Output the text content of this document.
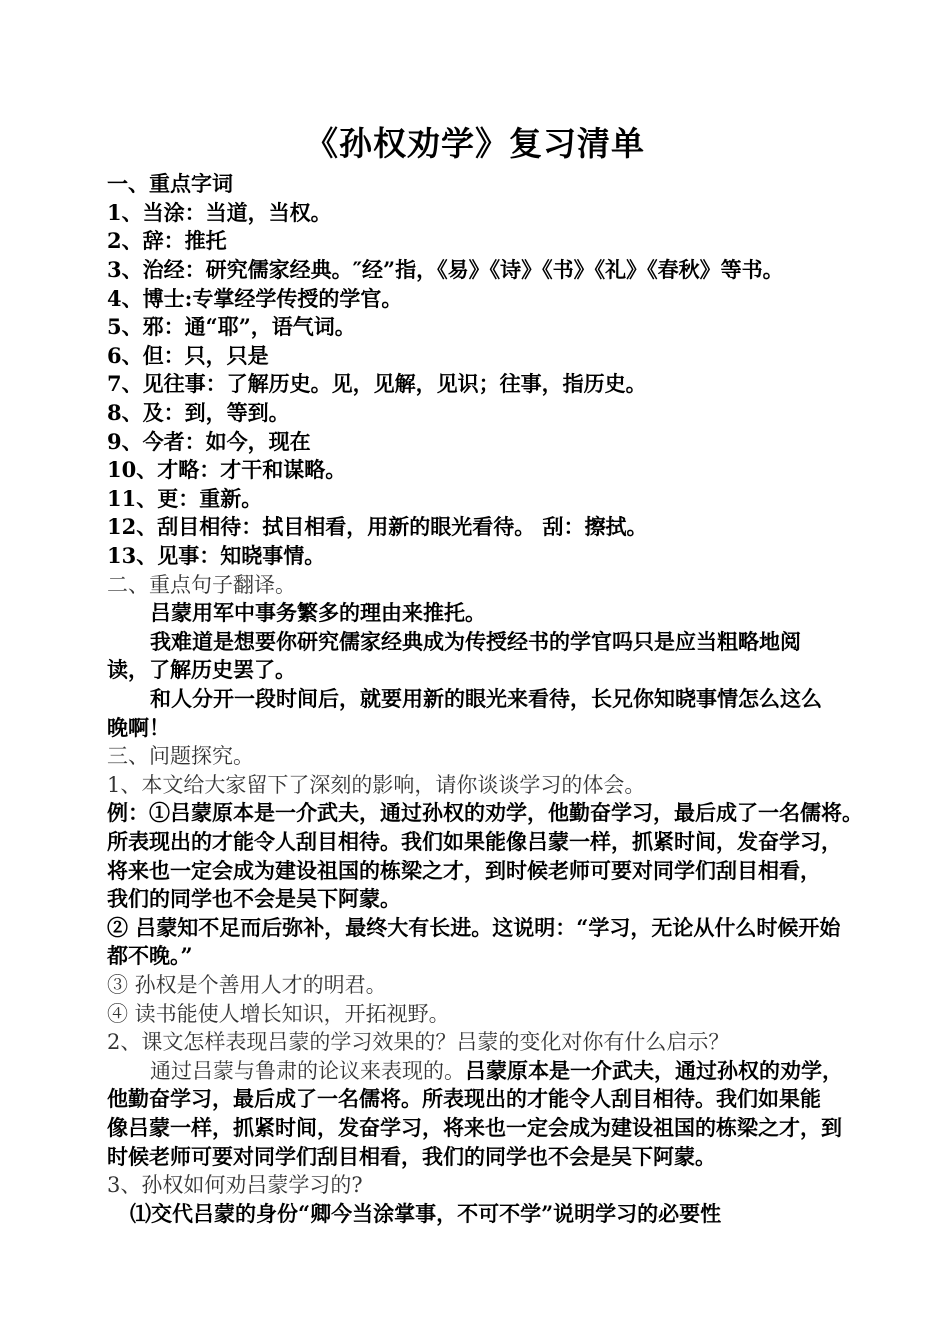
《孙权劝学》复习清单
一、重点字词
1、当涂：当道，当权。
2、辞：推托
3、治经：研究儒家经典。″经”指，《易》《诗》《书》《礼》《春秋》等书。
4、博士:专掌经学传授的学官。
5、邪：通“耶”，语气词。
6、但：只，只是
7、见往事：了解历史。见，见解，见识；往事，指历史。
8、及：到，等到。
9、今者：如今，现在
10、才略：才干和谋略。
11、更：重新。
12、刮目相待：拭目相看，用新的眼光看待。 刮：擦拭。
13、见事：知晓事情。
二、重点句子翻译。
吕蒙用军中事务繁多的理由来推托。
我难道是想要你研究儒家经典成为传授经书的学官吗只是应当粗略地阅
读，了解历史罢了。
和人分开一段时间后，就要用新的眼光来看待，长兄你知晓事情怎么这么
晚啊！
三、问题探究。
1、本文给大家留下了深刻的影响，请你谈谈学习的体会。
例：①吕蒙原本是一介武夫，通过孙权的劝学，他勤奋学习，最后成了一名儒将。
所表现出的才能令人刮目相待。我们如果能像吕蒙一样，抓紧时间，发奋学习，
将来也一定会成为建设祖国的栋梁之才，到时候老师可要对同学们刮目相看，
我们的同学也不会是吴下阿蒙。
② 吕蒙知不足而后弥补，最终大有长进。这说明：“学习，无论从什么时候开始
都不晚。”
③ 孙权是个善用人才的明君。
④ 读书能使人增长知识，开拓视野。
2、课文怎样表现吕蒙的学习效果的？吕蒙的变化对你有什么启示？
通过吕蒙与鲁肃的论议来表现的。吕蒙原本是一介武夫，通过孙权的劝学，
他勤奋学习，最后成了一名儒将。所表现出的才能令人刮目相待。我们如果能
像吕蒙一样，抓紧时间，发奋学习，将来也一定会成为建设祖国的栋梁之才，到
时候老师可要对同学们刮目相看，我们的同学也不会是吴下阿蒙。
3、孙权如何劝吕蒙学习的?
⑴交代吕蒙的身份“卿今当涂掌事，不可不学”说明学习的必要性
